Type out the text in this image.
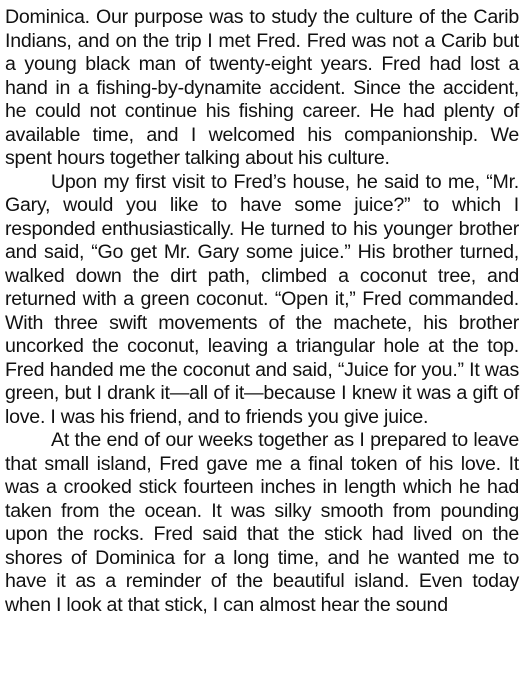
Dominica. Our purpose was to study the culture of the Carib Indians, and on the trip I met Fred. Fred was not a Carib but a young black man of twenty-eight years. Fred had lost a hand in a fishing-by-dynamite accident. Since the accident, he could not continue his fishing career. He had plenty of available time, and I welcomed his companionship. We spent hours together talking about his culture.

Upon my first visit to Fred’s house, he said to me, “Mr. Gary, would you like to have some juice?” to which I responded enthusiastically. He turned to his younger brother and said, “Go get Mr. Gary some juice.” His brother turned, walked down the dirt path, climbed a coconut tree, and returned with a green coconut. “Open it,” Fred commanded. With three swift movements of the machete, his brother uncorked the coconut, leaving a triangular hole at the top. Fred handed me the coconut and said, “Juice for you.” It was green, but I drank it—all of it—because I knew it was a gift of love. I was his friend, and to friends you give juice.

At the end of our weeks together as I prepared to leave that small island, Fred gave me a final token of his love. It was a crooked stick fourteen inches in length which he had taken from the ocean. It was silky smooth from pounding upon the rocks. Fred said that the stick had lived on the shores of Dominica for a long time, and he wanted me to have it as a reminder of the beautiful island. Even today when I look at that stick, I can almost hear the sound
